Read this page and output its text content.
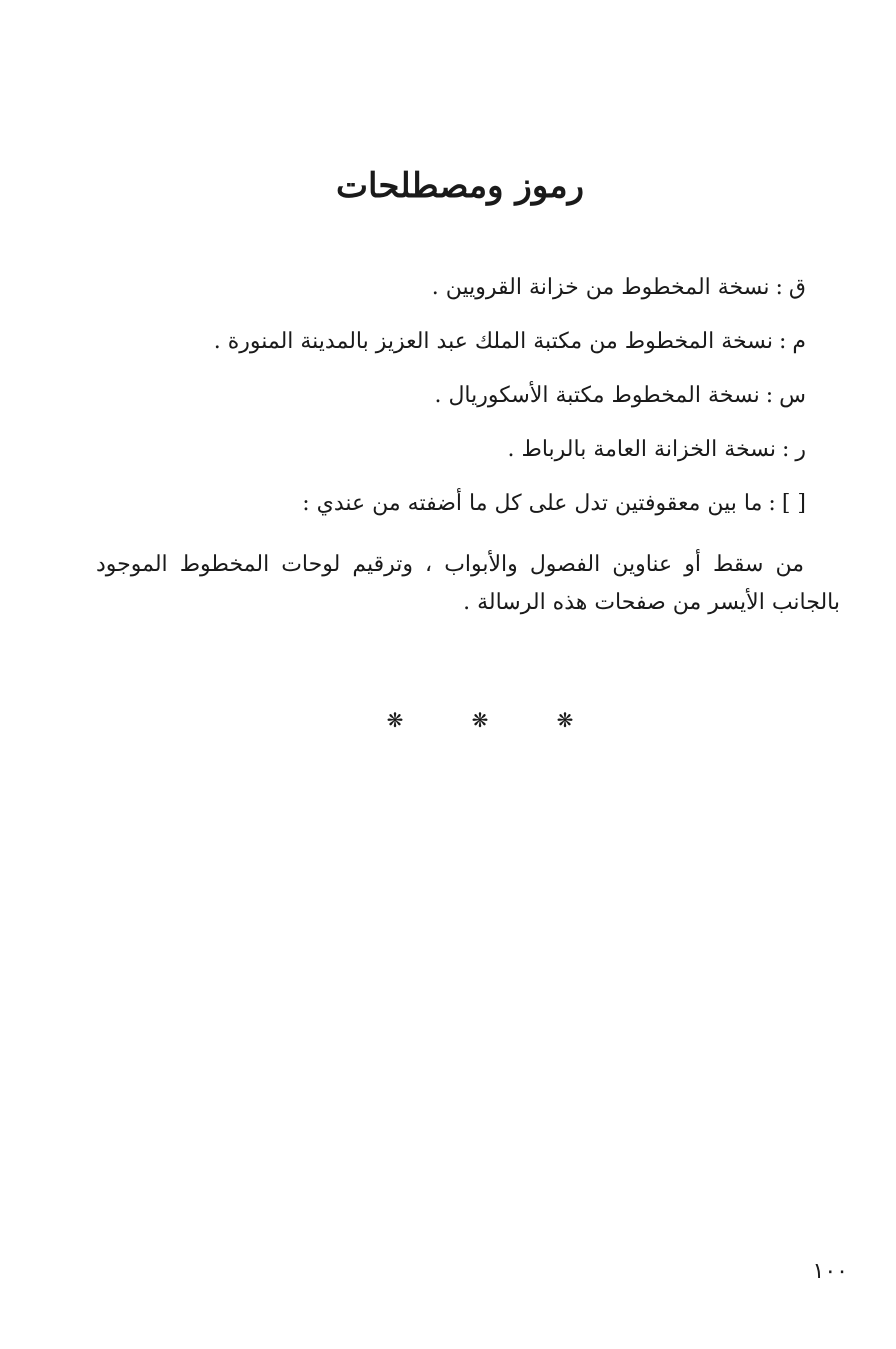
رموز ومصطلحات
ق:نسخة المخطوط من خزانة القرويين .
م:نسخة المخطوط من مكتبة الملك عبد العزيز بالمدينة المنورة .
س:نسخة المخطوط مكتبة الأسكوريال .
ر:نسخة الخزانة العامة بالرباط .
[ ]:ما بين معقوفتين تدل على كل ما أضفته من عندي :
من سقط أو عناوين الفصول والأبواب ، وترقيم لوحات المخطوط الموجود بالجانب الأيسر من صفحات هذه الرسالة .
❋	❋	❋
١٠٠
